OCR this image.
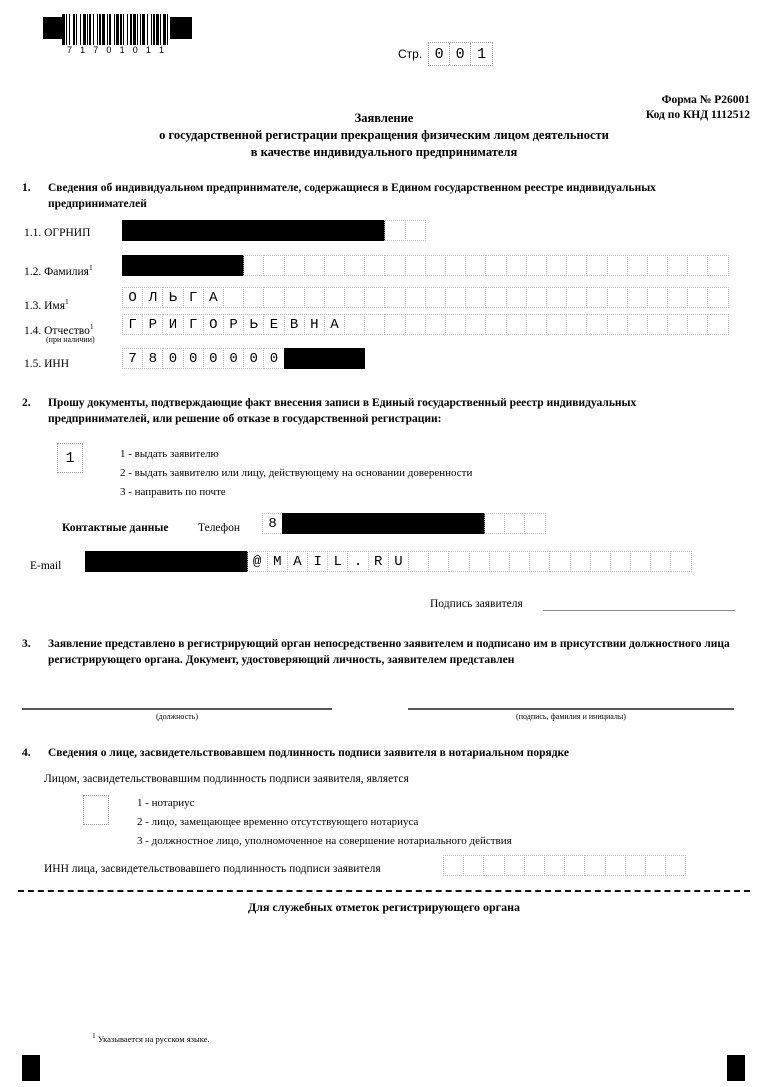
7 1 7 0 1 0 1 1	Стр. 0 0 1
Форма № Р26001
Код по КНД 1112512
Заявление
о государственной регистрации прекращения физическим лицом деятельности
в качестве индивидуального предпринимателя
1.	Сведения об индивидуальном предпринимателе, содержащиеся в Едином государственном реестре индивидуальных предпринимателей
1.1. ОГРНИП
1.2. Фамилия$^1$
1.3. Имя$^1$	О Л Ь Г А
1.4. Отчество$^1$
(при наличии)
Г Р И Г О Р Ь Е В Н А
1.5. ИНН	7 8 0 0 0 0 0 0
2.	Прошу документы, подтверждающие факт внесения записи в Единый государственный реестр индивидуальных предпринимателей, или решение об отказе в государственной регистрации:
1	1 - выдать заявителю
2 - выдать заявителю или лицу, действующему на основании доверенности
3 - направить по почте
Контактные данные	Телефон	8
E-mail	@ M A I L . R U
Подпись заявителя
3.	Заявление представлено в регистрирующий орган непосредственно заявителем и подписано им в присутствии должностного лица регистрирующего органа. Документ, удостоверяющий личность, заявителем представлен
(должность)	(подпись, фамилия и инициалы)
4.	Сведения о лице, засвидетельствовавшем подлинность подписи заявителя в нотариальном порядке
Лицом, засвидетельствовавшим подлинность подписи заявителя, является
1 - нотариус
2 - лицо, замещающее временно отсутствующего нотариуса
3 - должностное лицо, уполномоченное на совершение нотариального действия
ИНН лица, засвидетельствовавшего подлинность подписи заявителя
Для служебных отметок регистрирующего органа
1 Указывается на русском языке.
